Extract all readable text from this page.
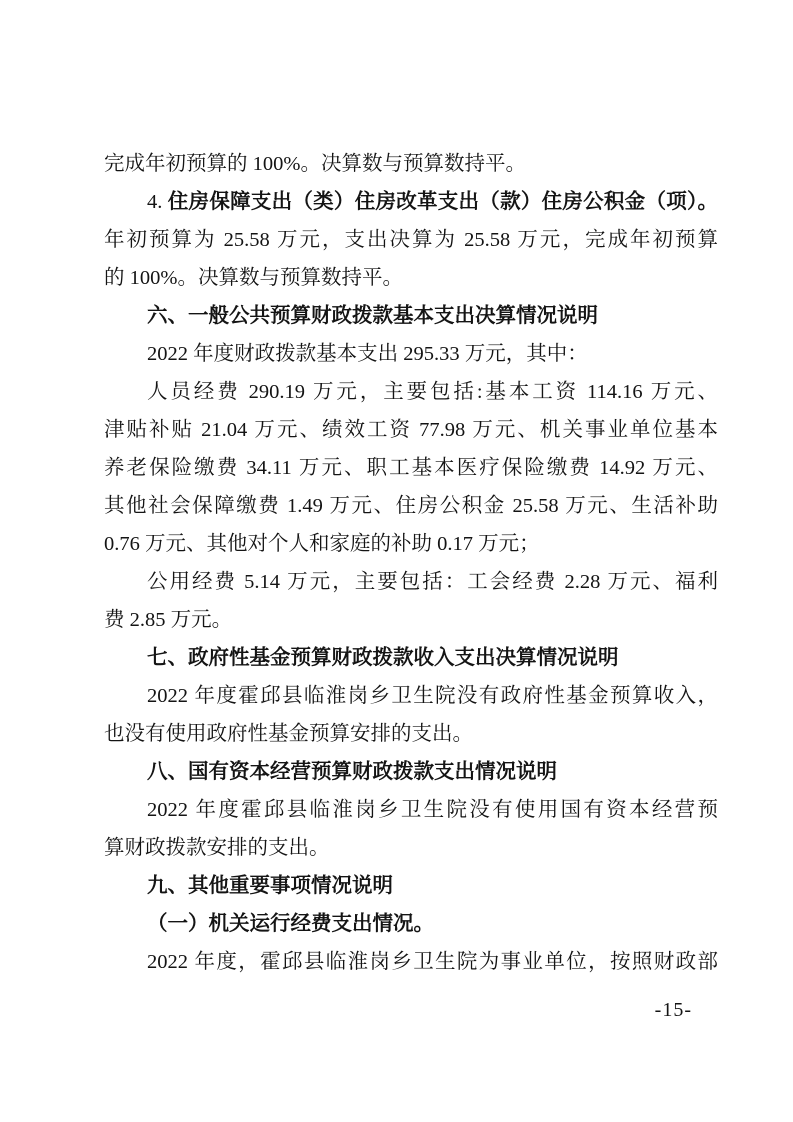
完成年初预算的 100%。决算数与预算数持平。
4. 住房保障支出（类）住房改革支出（款）住房公积金（项）。
年初预算为 25.58 万元，支出决算为 25.58 万元，完成年初预算
的 100%。决算数与预算数持平。
六、一般公共预算财政拨款基本支出决算情况说明
2022 年度财政拨款基本支出 295.33 万元，其中：
人员经费 290.19 万元，主要包括:基本工资 114.16 万元、
津贴补贴 21.04 万元、绩效工资 77.98 万元、机关事业单位基本
养老保险缴费 34.11 万元、职工基本医疗保险缴费 14.92 万元、
其他社会保障缴费 1.49 万元、住房公积金 25.58 万元、生活补助
0.76 万元、其他对个人和家庭的补助 0.17 万元；
公用经费 5.14 万元，主要包括：工会经费 2.28 万元、福利
费 2.85 万元。
七、政府性基金预算财政拨款收入支出决算情况说明
2022 年度霍邱县临淮岗乡卫生院没有政府性基金预算收入，
也没有使用政府性基金预算安排的支出。
八、国有资本经营预算财政拨款支出情况说明
2022 年度霍邱县临淮岗乡卫生院没有使用国有资本经营预
算财政拨款安排的支出。
九、其他重要事项情况说明
（一）机关运行经费支出情况。
2022 年度，霍邱县临淮岗乡卫生院为事业单位，按照财政部
-15-
